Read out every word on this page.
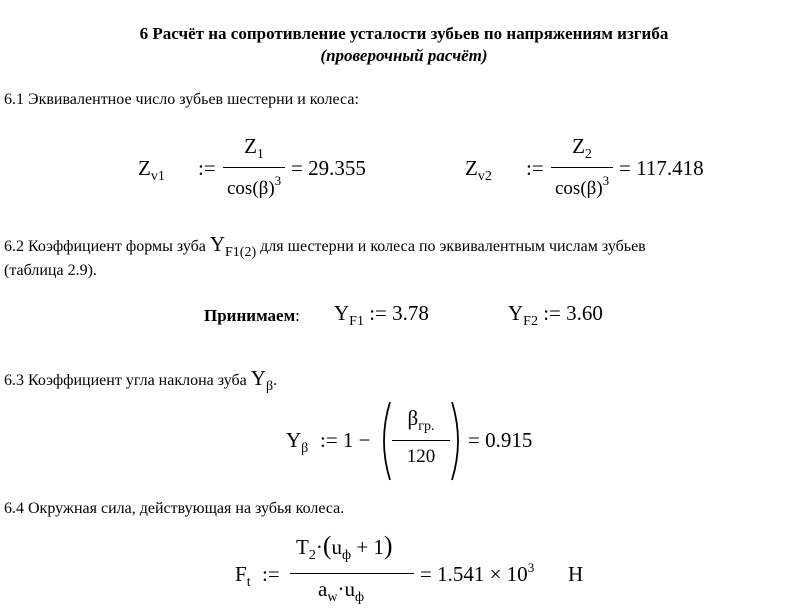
6 Расчёт на сопротивление усталости зубьев по напряжениям изгиба
(проверочный расчёт)
6.1 Эквивалентное число зубьев шестерни и колеса:
$Z_{v1}$ :=
$Z_1$
$\cos(\beta)^3$
= 29.355	$Z_{v2}$ :=
$Z_2$
$\cos(\beta)^3$
= 117.418
6.2 Коэффициент формы зуба YF1(2) для шестерни и колеса по эквивалентным числам зубьев
(таблица 2.9).
Принимаем: $Y_{F1}$ := 3.78	$Y_{F2}$ := 3.60
6.3 Коэффициент угла наклона зуба Yβ.
$Y_\beta$ := 1 −
$\beta_{гр.}$
120
= 0.915
6.4 Окружная сила, действующая на зубья колеса.
$F_t$ :=
$T_2\cdot(u_ф + 1)$
$a_w\cdot u_ф$
= $1.541 \times 10^3$ Н
